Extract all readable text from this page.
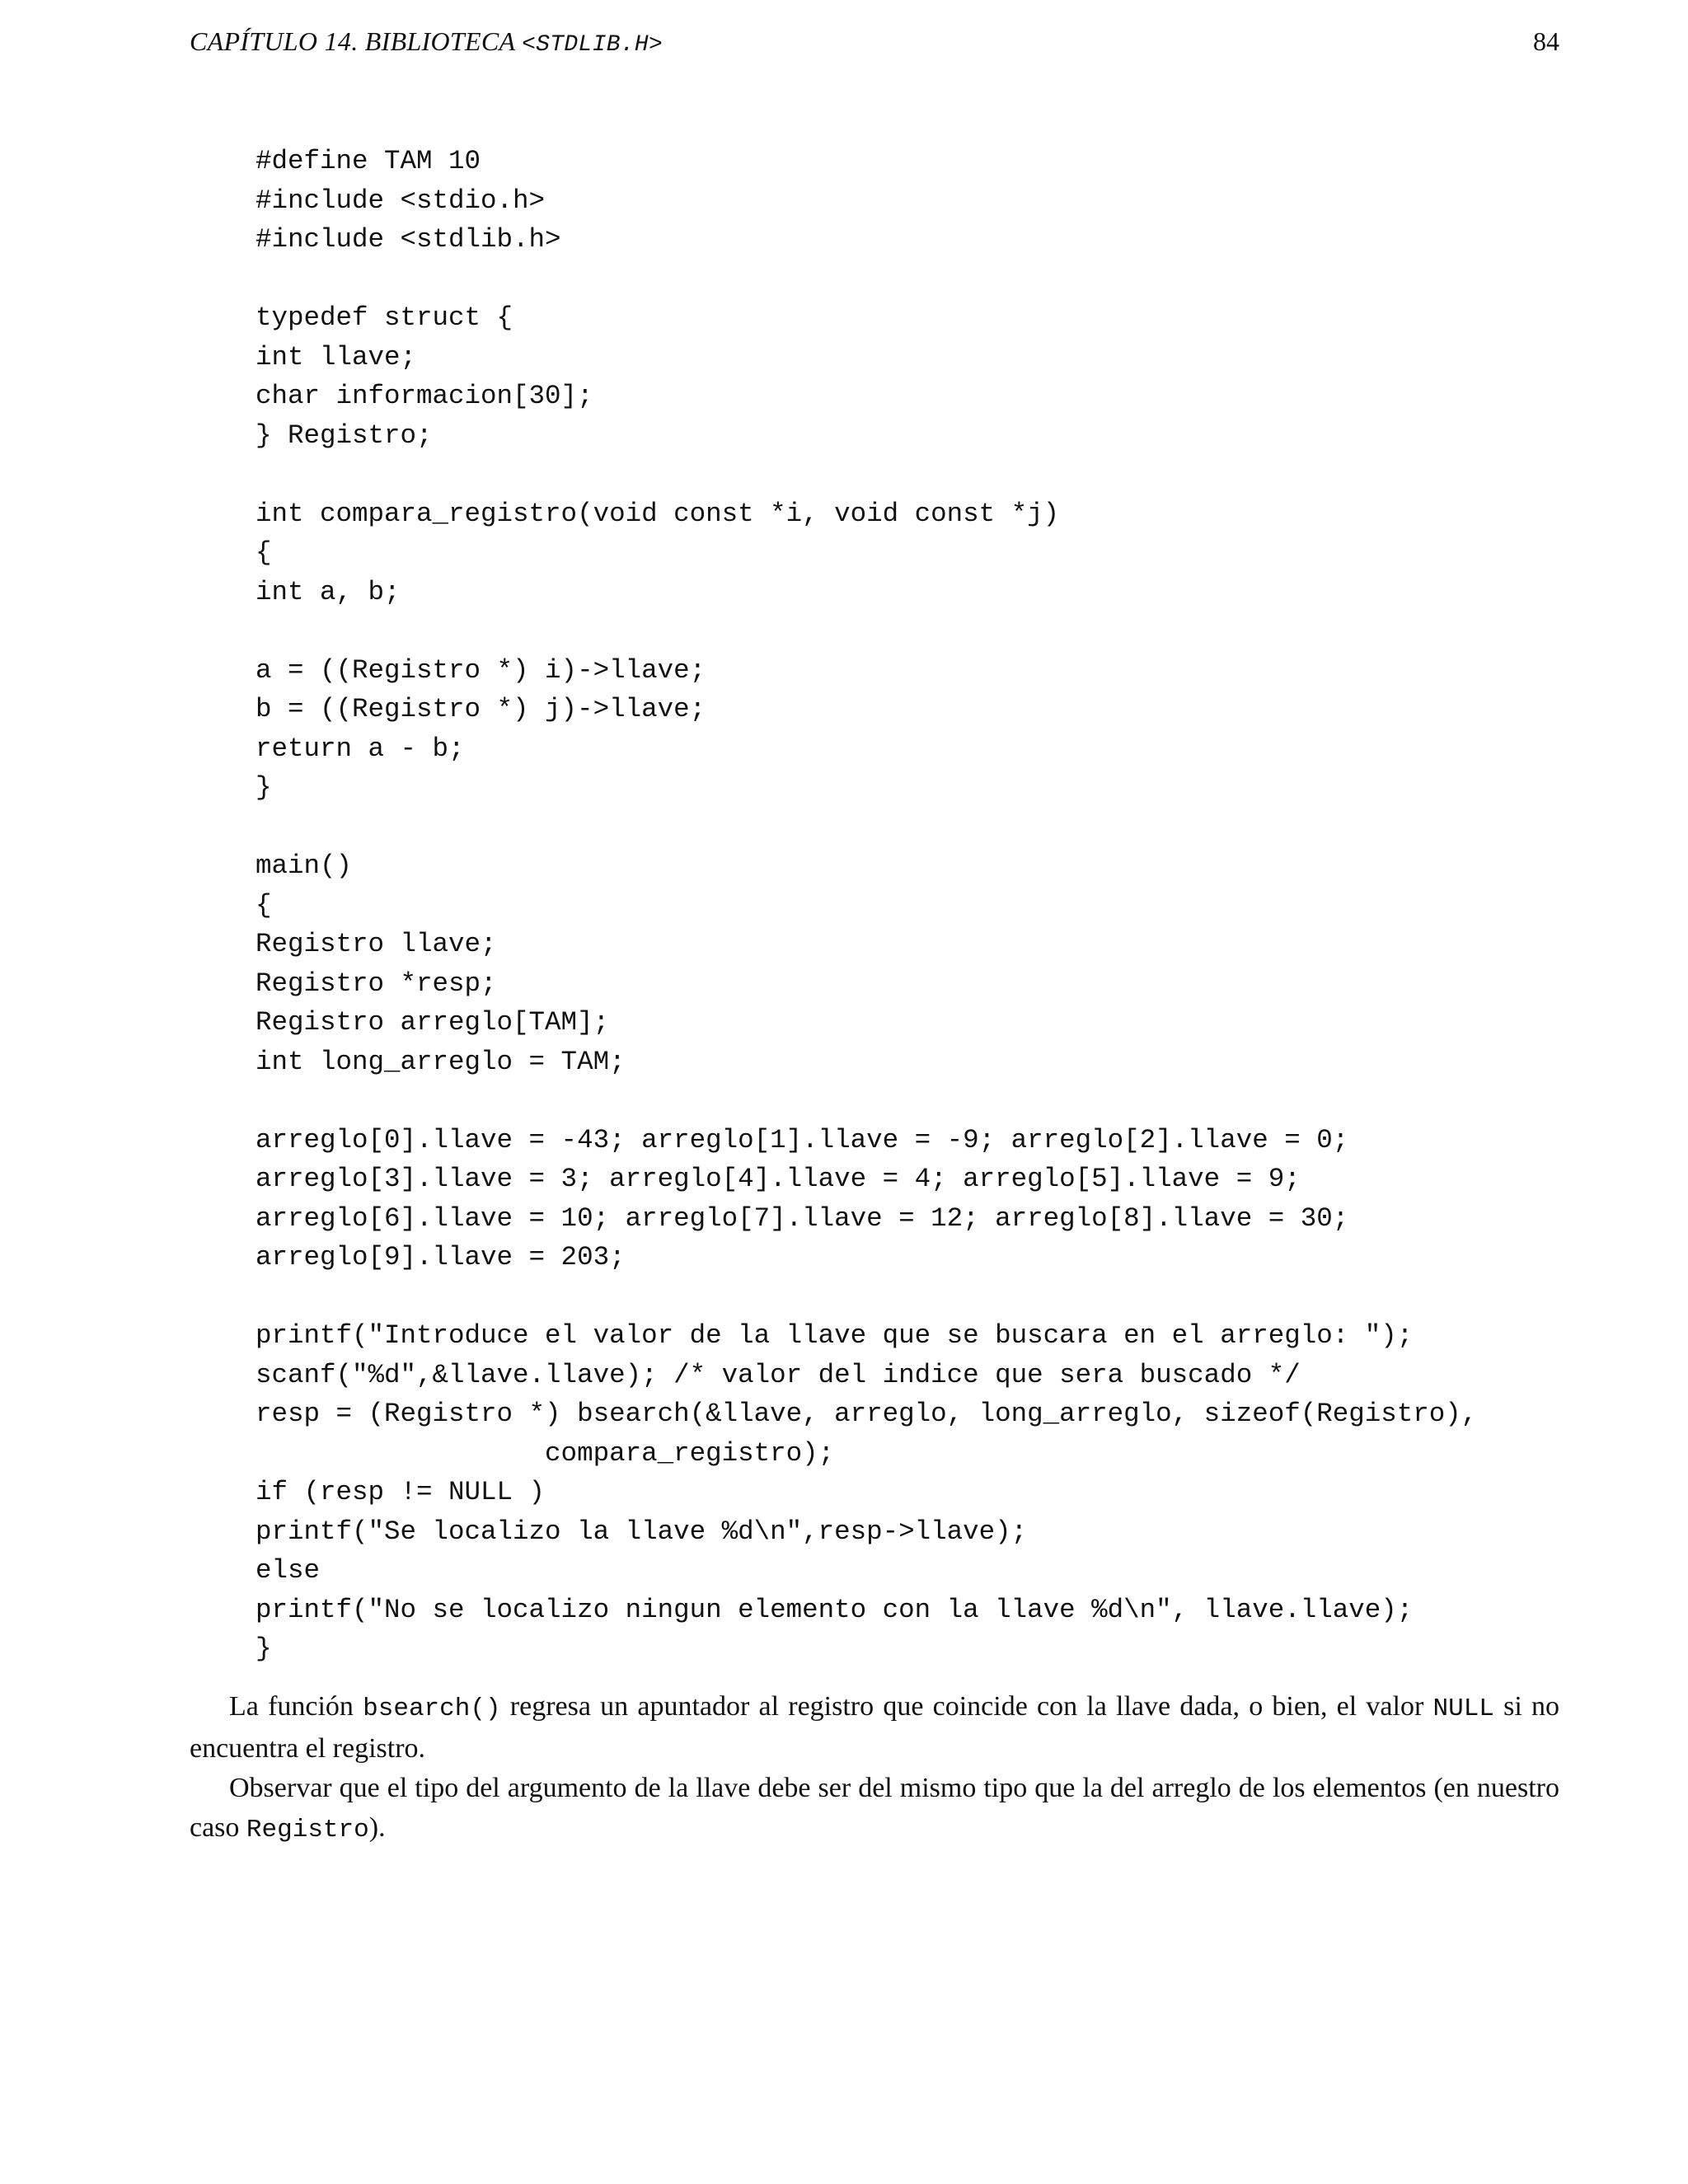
CAPÍTULO 14. BIBLIOTECA <STDLIB.H>	84
#define TAM 10
#include <stdio.h>
#include <stdlib.h>
typedef struct {
int llave;
char informacion[30];
} Registro;
int compara_registro(void const *i, void const *j)
{
int a, b;
a = ((Registro *) i)->llave;
b = ((Registro *) j)->llave;
return a - b;
}
main()
{
Registro llave;
Registro *resp;
Registro arreglo[TAM];
int long_arreglo = TAM;
arreglo[0].llave = -43; arreglo[1].llave = -9; arreglo[2].llave = 0;
arreglo[3].llave = 3; arreglo[4].llave = 4; arreglo[5].llave = 9;
arreglo[6].llave = 10; arreglo[7].llave = 12; arreglo[8].llave = 30;
arreglo[9].llave = 203;
printf("Introduce el valor de la llave que se buscara en el arreglo: ");
scanf("%d",&llave.llave); /* valor del indice que sera buscado */
resp = (Registro *) bsearch(&llave, arreglo, long_arreglo, sizeof(Registro),
compara_registro);
if (resp != NULL )
printf("Se localizo la llave %d\n",resp->llave);
else
printf("No se localizo ningun elemento con la llave %d\n", llave.llave);
}

La función bsearch() regresa un apuntador al registro que coincide con la llave dada, o bien, el valor NULL si no encuentra el registro.

Observar que el tipo del argumento de la llave debe ser del mismo tipo que la del arreglo de los elementos (en nuestro caso Registro).
